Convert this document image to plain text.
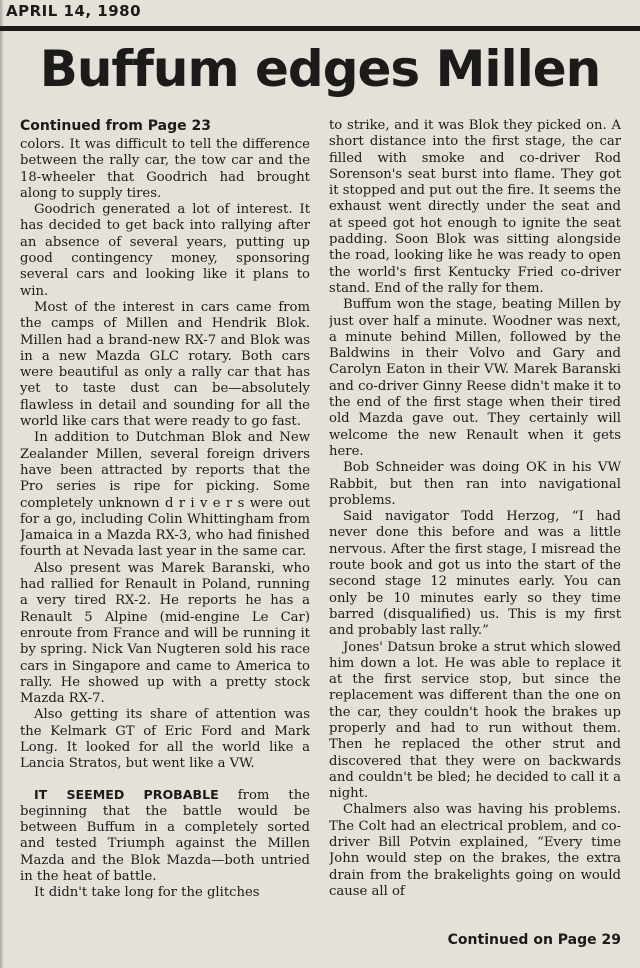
APRIL 14, 1980
Buffum edges Millen
Continued from Page 23

colors. It was difficult to tell the difference between the rally car, the tow car and the 18-wheeler that Goodrich had brought along to supply tires.

Goodrich generated a lot of interest. It has decided to get back into rallying after an absence of several years, putting up good contingency money, sponsoring several cars and looking like it plans to win.

Most of the interest in cars came from the camps of Millen and Hendrik Blok. Millen had a brand-new RX-7 and Blok was in a new Mazda GLC rotary. Both cars were beautiful as only a rally car that has yet to taste dust can be—absolutely flawless in detail and sounding for all the world like cars that were ready to go fast.

In addition to Dutchman Blok and New Zealander Millen, several foreign drivers have been attracted by reports that the Pro series is ripe for picking. Some completely unknown d r i v e r s were out for a go, including Colin Whittingham from Jamaica in a Mazda RX-3, who had finished fourth at Nevada last year in the same car.

Also present was Marek Baranski, who had rallied for Renault in Poland, running a very tired RX-2. He reports he has a Renault 5 Alpine (mid-engine Le Car) enroute from France and will be running it by spring. Nick Van Nugteren sold his race cars in Singapore and came to America to rally. He showed up with a pretty stock Mazda RX-7.

Also getting its share of attention was the Kelmark GT of Eric Ford and Mark Long. It looked for all the world like a Lancia Stratos, but went like a VW.

IT SEEMED PROBABLE from the beginning that the battle would be between Buffum in a completely sorted and tested Triumph against the Millen Mazda and the Blok Mazda—both untried in the heat of battle.

It didn't take long for the glitches

to strike, and it was Blok they picked on. A short distance into the first stage, the car filled with smoke and co-driver Rod Sorenson's seat burst into flame. They got it stopped and put out the fire. It seems the exhaust went directly under the seat and at speed got hot enough to ignite the seat padding. Soon Blok was sitting alongside the road, looking like he was ready to open the world's first Kentucky Fried co-driver stand. End of the rally for them.

Buffum won the stage, beating Millen by just over half a minute. Woodner was next, a minute behind Millen, followed by the Baldwins in their Volvo and Gary and Carolyn Eaton in their VW. Marek Baranski and co-driver Ginny Reese didn't make it to the end of the first stage when their tired old Mazda gave out. They certainly will welcome the new Renault when it gets here.

Bob Schneider was doing OK in his VW Rabbit, but then ran into navigational problems.

Said navigator Todd Herzog, “I had never done this before and was a little nervous. After the first stage, I misread the route book and got us into the start of the second stage 12 minutes early. You can only be 10 minutes early so they time barred (disqualified) us. This is my first and probably last rally.”

Jones' Datsun broke a strut which slowed him down a lot. He was able to replace it at the first service stop, but since the replacement was different than the one on the car, they couldn't hook the brakes up properly and had to run without them. Then he replaced the other strut and discovered that they were on backwards and couldn't be bled; he decided to call it a night.

Chalmers also was having his problems. The Colt had an electrical problem, and co-driver Bill Potvin explained, “Every time John would step on the brakes, the extra drain from the brakelights going on would cause all of

Continued on Page 29
